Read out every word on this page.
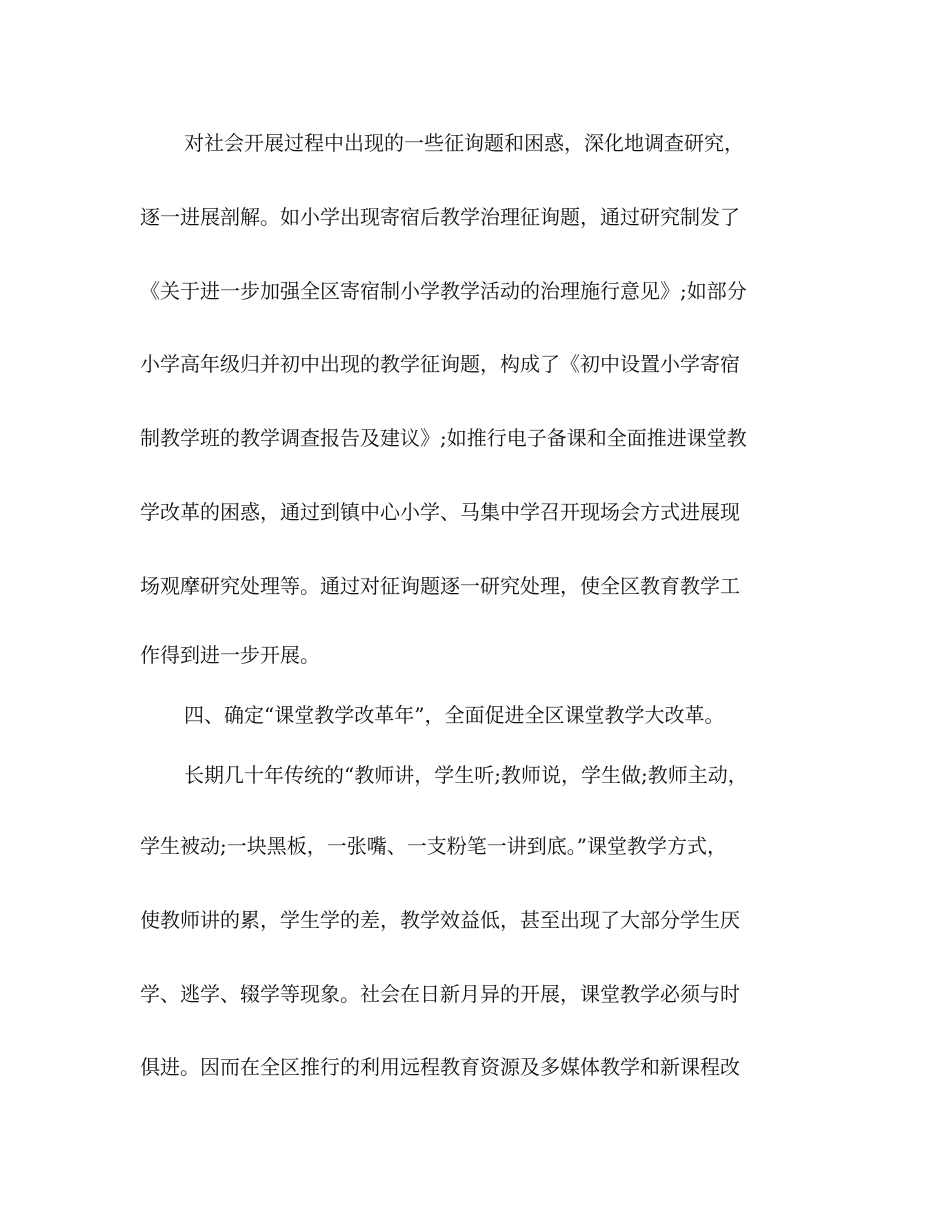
对社会开展过程中出现的一些征询题和困惑，深化地调查研究，

逐一进展剖解。如小学出现寄宿后教学治理征询题，通过研究制发了

《关于进一步加强全区寄宿制小学教学活动的治理施行意见》;如部分

小学高年级归并初中出现的教学征询题，构成了《初中设置小学寄宿

制教学班的教学调查报告及建议》;如推行电子备课和全面推进课堂教

学改革的困惑，通过到镇中心小学、马集中学召开现场会方式进展现

场观摩研究处理等。通过对征询题逐一研究处理，使全区教育教学工

作得到进一步开展。

四、确定“课堂教学改革年”，全面促进全区课堂教学大改革。

长期几十年传统的“教师讲，学生听;教师说，学生做;教师主动，

学生被动;一块黑板，一张嘴、一支粉笔一讲到底。”课堂教学方式，

使教师讲的累，学生学的差，教学效益低，甚至出现了大部分学生厌

学、逃学、辍学等现象。社会在日新月异的开展，课堂教学必须与时

俱进。因而在全区推行的利用远程教育资源及多媒体教学和新课程改
